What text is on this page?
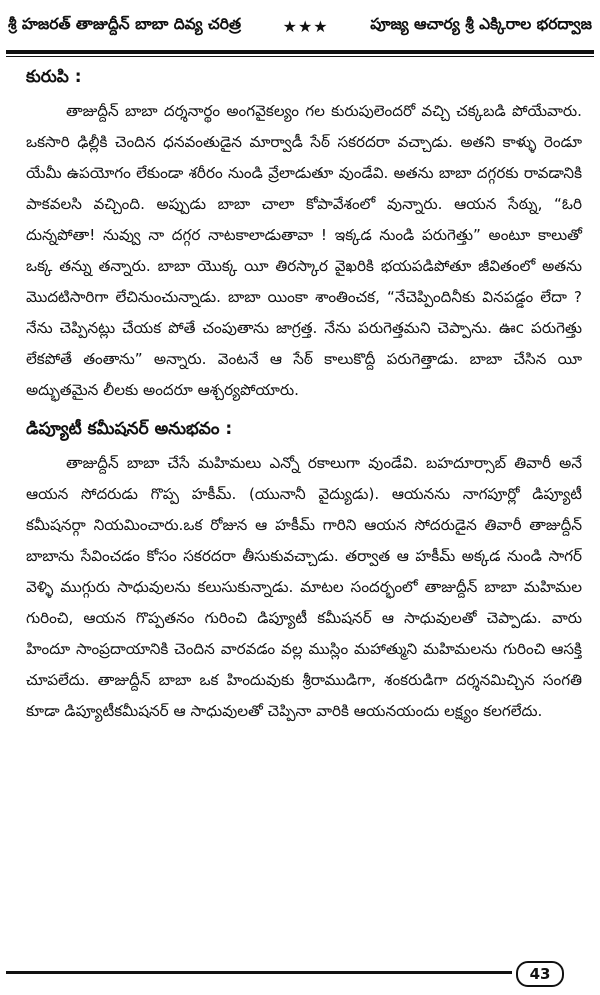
శ్రీ హజరత్ తాజుద్దీన్ బాబా దివ్య చరిత్ర	★★★	పూజ్య ఆచార్య శ్రీ ఎక్కిరాల భరద్వాజ
కురుపి :

తాజుద్దీన్ బాబా దర్శనార్థం అంగవైకల్యం గల కురుపులెందరో వచ్చి చక్కబడి పోయేవారు. ఒకసారి ఢిల్లీకి చెందిన ధనవంతుడైన మార్వాడీ సేఠ్ సకరదరా వచ్చాడు. అతని కాళ్ళు రెండూ యేమీ ఉపయోగం లేకుండా శరీరం నుండి వ్రేలాడుతూ వుండేవి. అతను బాబా దగ్గరకు రావడానికి పాకవలసి వచ్చింది. అప్పుడు బాబా చాలా కోపావేశంలో వున్నారు. ఆయన సేఠ్ను, “ఓరి దున్నపోతా! నువ్వు నా దగ్గర నాటకాలాడుతావా ! ఇక్కడ నుండి పరుగెత్తు” అంటూ కాలుతో ఒక్క తన్ను తన్నారు. బాబా యొక్క యీ తిరస్కార వైఖరికి భయపడిపోతూ జీవితంలో అతను మొదటిసారిగా లేచినుంచున్నాడు. బాబా యింకా శాంతించక, “నేచెప్పిందినీకు వినపడ్డం లేదా ? నేను చెప్పినట్లు చేయక పోతే చంపుతాను జాగ్రత్త. నేను పరుగెత్తమని చెప్పాను. ఊc పరుగెత్తు లేకపోతే తంతాను” అన్నారు. వెంటనే ఆ సేఠ్ కాలుకొద్దీ పరుగెత్తాడు. బాబా చేసిన యీ అద్భుతమైన లీలకు అందరూ ఆశ్చర్యపోయారు.

డిప్యూటీ కమీషనర్ అనుభవం :

తాజుద్దీన్ బాబా చేసే మహిమలు ఎన్నో రకాలుగా వుండేవి. బహదూర్సాబ్ తివారీ అనే ఆయన సోదరుడు గొప్ప హకీమ్. (యునానీ వైద్యుడు). ఆయనను నాగపూర్లో డిప్యూటీ కమీషనర్గా నియమించారు.ఒక రోజున ఆ హకీమ్ గారిని ఆయన సోదరుడైన తివారీ తాజుద్దీన్ బాబాను సేవించడం కోసం సకరదరా తీసుకువచ్చాడు. తర్వాత ఆ హకీమ్ అక్కడ నుండి సాగర్ వెళ్ళి ముగ్గురు సాధువులను కలుసుకున్నాడు. మాటల సందర్భంలో తాజుద్దీన్ బాబా మహిమల గురించి, ఆయన గొప్పతనం గురించి డిప్యూటీ కమీషనర్ ఆ సాధువులతో చెప్పాడు. వారు హిందూ సాంప్రదాయానికి చెందిన వారవడం వల్ల ముస్లిం మహాత్ముని మహిమలను గురించి ఆసక్తి చూపలేదు. తాజుద్దీన్ బాబా ఒక హిందువుకు శ్రీరాముడిగా, శంకరుడిగా దర్శనమిచ్చిన సంగతి కూడా డిప్యూటీకమీషనర్ ఆ సాధువులతో చెప్పినా వారికి ఆయనయందు లక్ష్యం కలగలేదు.

43
